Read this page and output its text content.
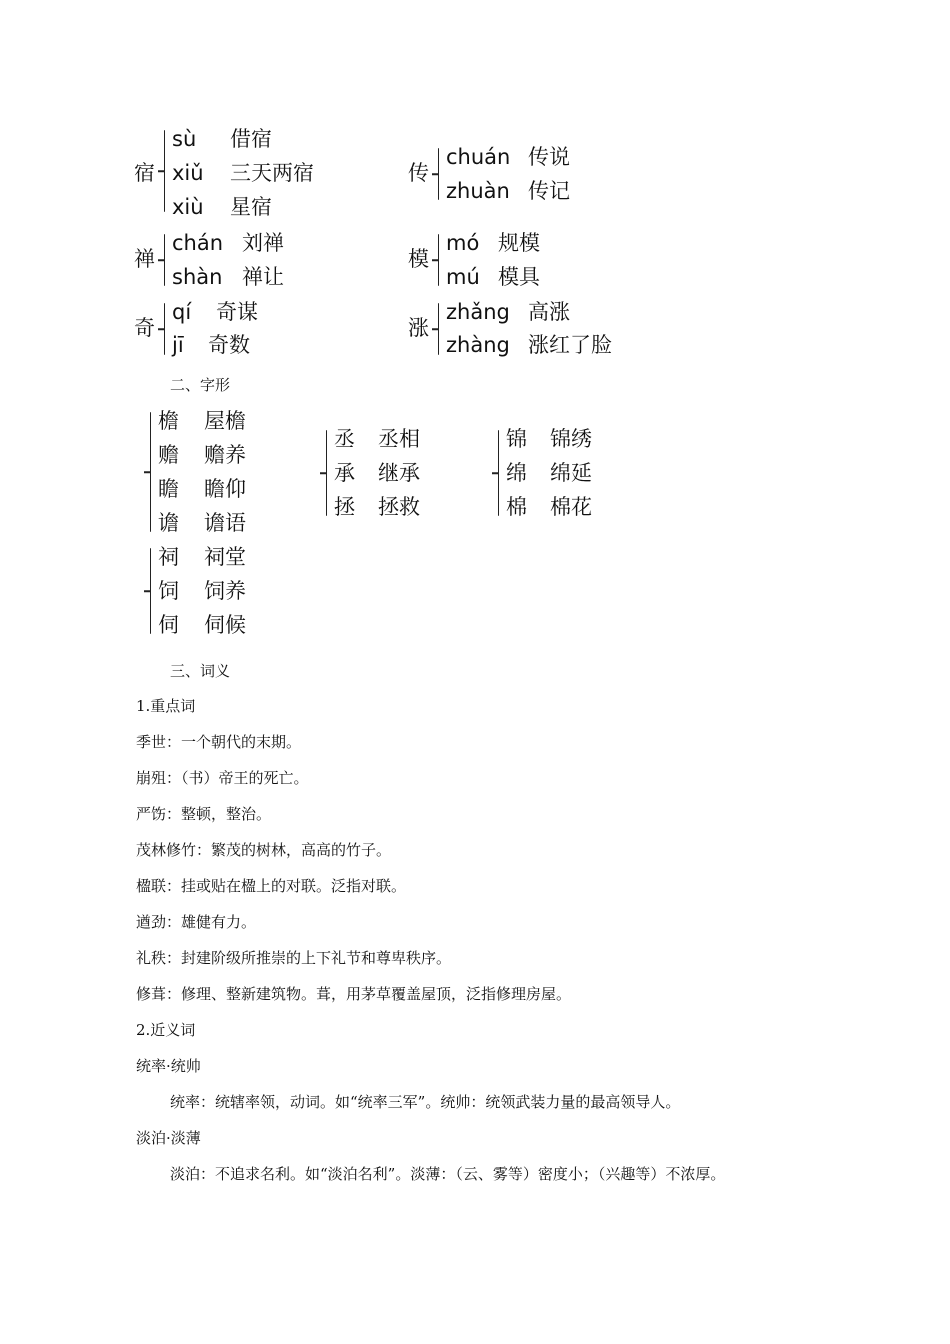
宿
sù 借宿
xiǔ 三天两宿
xiù 星宿
传
chuán 传说
zhuàn 传记
禅
chán 刘禅
shàn 禅让
模
mó 规模
mú 模具
奇
qí 奇谋
jī 奇数
涨
zhǎng 高涨
zhàng 涨红了脸
二、字形
檐 屋檐
赡 赡养
瞻 瞻仰
谵 谵语
祠 祠堂
饲 饲养
伺 伺候
丞 丞相
承 继承
拯 拯救
锦 锦绣
绵 绵延
棉 棉花
三、词义
1.重点词
季世：一个朝代的末期。
崩殂：（书）帝王的死亡。
严饬：整顿，整治。
茂林修竹：繁茂的树林，高高的竹子。
楹联：挂或贴在楹上的对联。泛指对联。
遒劲：雄健有力。
礼秩：封建阶级所推崇的上下礼节和尊卑秩序。
修葺：修理、整新建筑物。葺，用茅草覆盖屋顶，泛指修理房屋。
2.近义词
统率·统帅
统率：统辖率领，动词。如“统率三军”。统帅：统领武装力量的最高领导人。
淡泊·淡薄
淡泊：不追求名利。如“淡泊名利”。淡薄：（云、雾等）密度小；（兴趣等）不浓厚。
